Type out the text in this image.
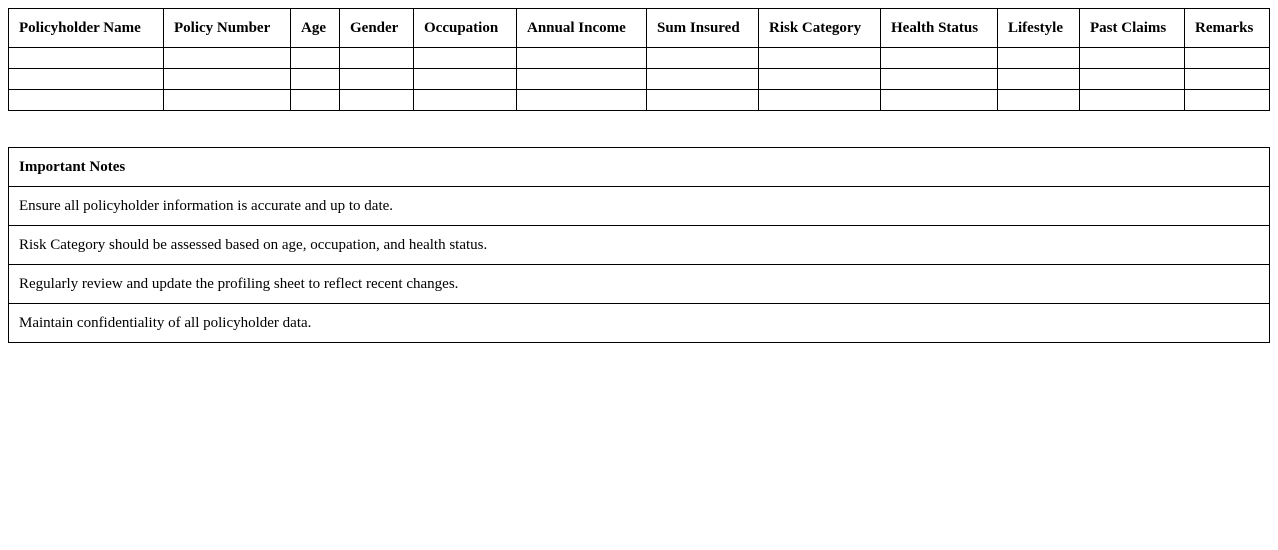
Policyholder Name	Policy Number	Age	Gender	Occupation	Annual Income	Sum Insured	Risk Category	Health Status	Lifestyle	Past Claims	Remarks

Important Notes
Ensure all policyholder information is accurate and up to date.
Risk Category should be assessed based on age, occupation, and health status.
Regularly review and update the profiling sheet to reflect recent changes.
Maintain confidentiality of all policyholder data.
